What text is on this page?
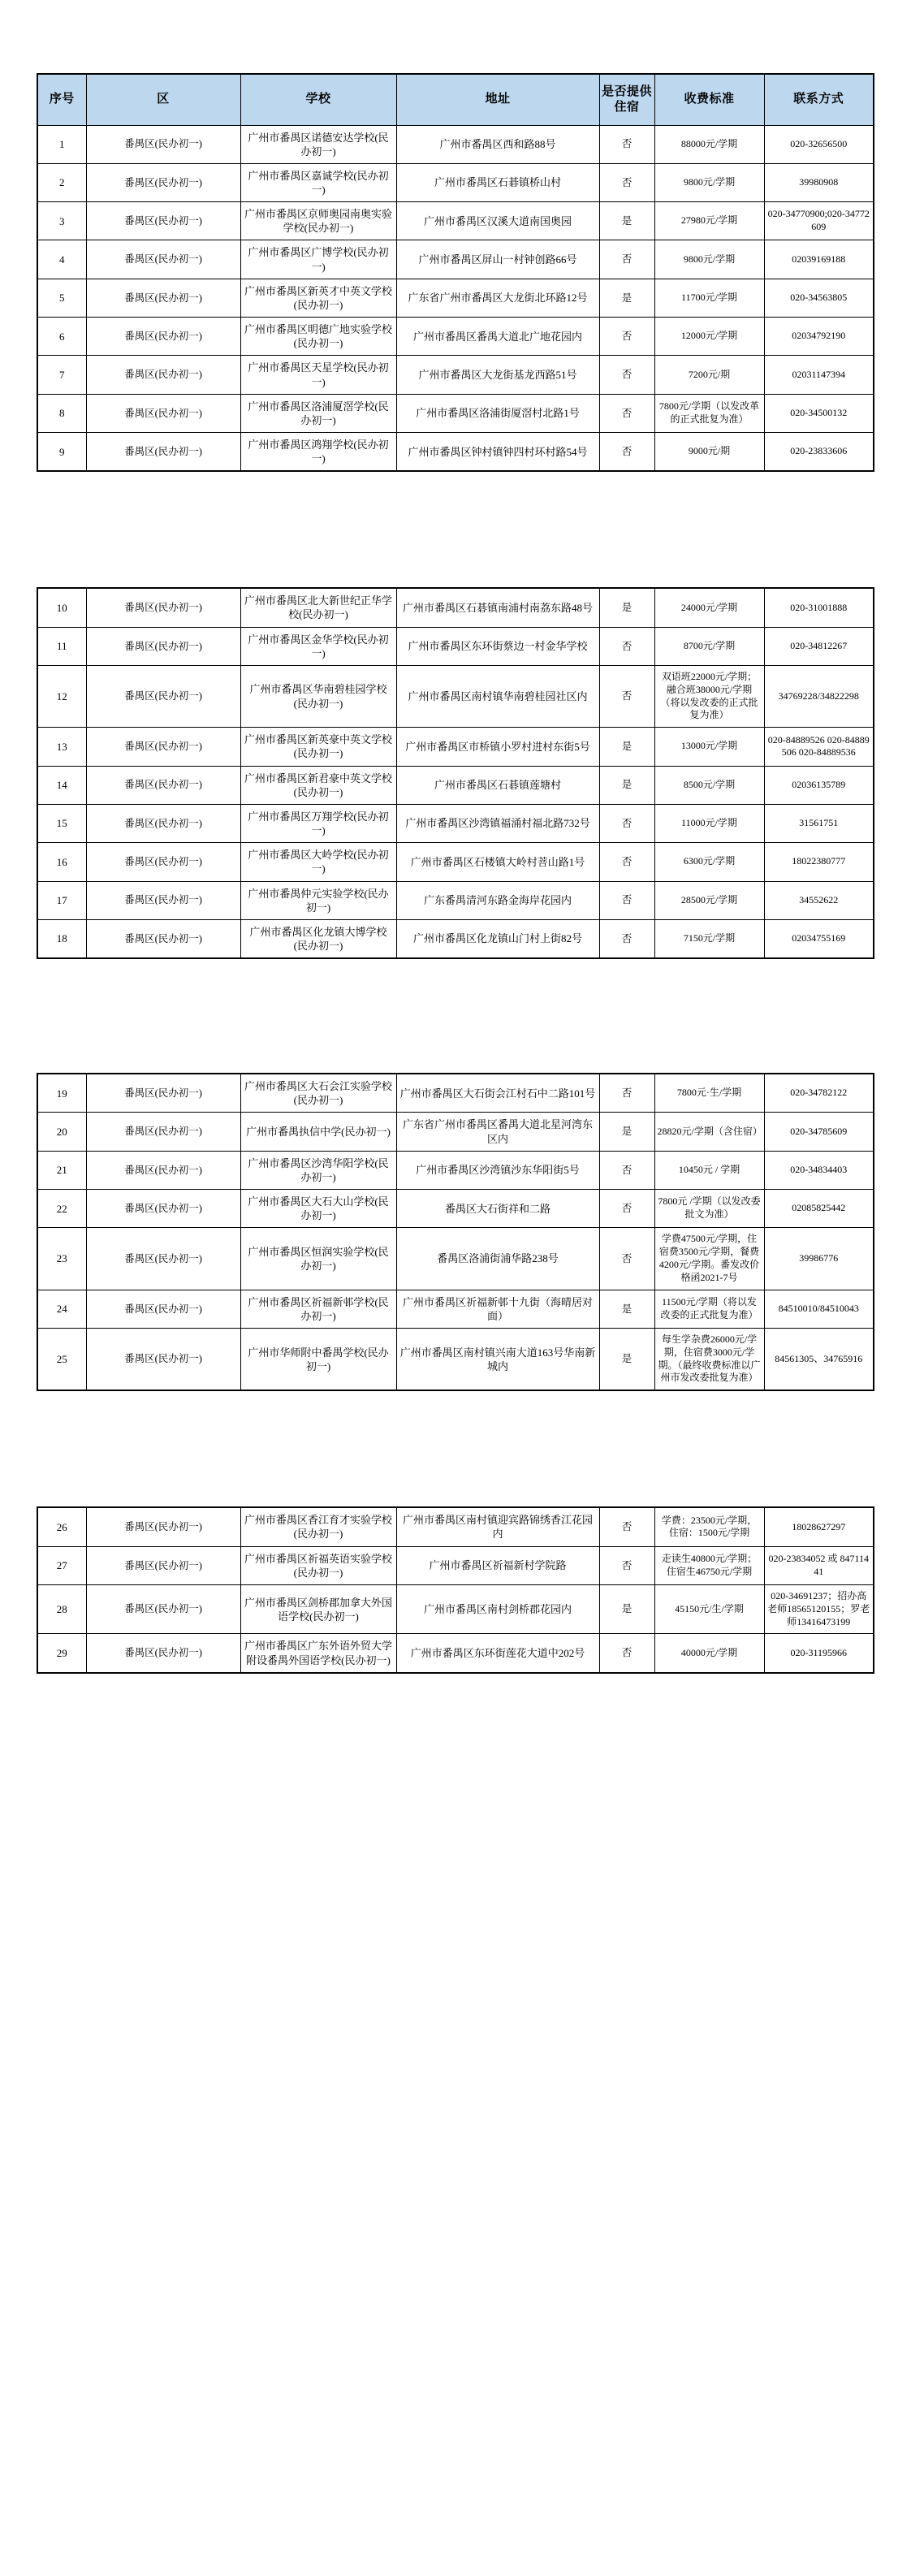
序号	区	学校	地址	是否提供住宿	收费标准	联系方式
1	番禺区(民办初一)	广州市番禺区诺德安达学校(民办初一)	广州市番禺区西和路88号	否	88000元/学期	020-32656500
2	番禺区(民办初一)	广州市番禺区嘉诚学校(民办初一)	广州市番禺区石碁镇桥山村	否	9800元/学期	39980908
3	番禺区(民办初一)	广州市番禺区京师奥园南奥实验学校(民办初一)	广州市番禺区汉溪大道南国奥园	是	27980元/学期	020-34770900;020-34772609
4	番禺区(民办初一)	广州市番禺区广博学校(民办初一)	广州市番禺区屏山一村钟创路66号	否	9800元/学期	02039169188
5	番禺区(民办初一)	广州市番禺区新英才中英文学校(民办初一)	广东省广州市番禺区大龙街北环路12号	是	11700元/学期	020-34563805
6	番禺区(民办初一)	广州市番禺区明德广地实验学校(民办初一)	广州市番禺区番禺大道北广地花园内	否	12000元/学期	02034792190
7	番禺区(民办初一)	广州市番禺区天星学校(民办初一)	广州市番禺区大龙街基龙西路51号	否	7200元/期	02031147394
8	番禺区(民办初一)	广州市番禺区洛浦厦滘学校(民办初一)	广州市番禺区洛浦街厦滘村北路1号	否	7800元/学期（以发改革的正式批复为准）	020-34500132
9	番禺区(民办初一)	广州市番禺区鸿翔学校(民办初一)	广州市番禺区钟村镇钟四村环村路54号	否	9000元/期	020-23833606
10	番禺区(民办初一)	广州市番禺区北大新世纪正华学校(民办初一)	广州市番禺区石碁镇南浦村南荔东路48号	是	24000元/学期	020-31001888
11	番禺区(民办初一)	广州市番禺区金华学校(民办初一)	广州市番禺区东环街蔡边一村金华学校	否	8700元/学期	020-34812267
12	番禺区(民办初一)	广州市番禺区华南碧桂园学校(民办初一)	广州市番禺区南村镇华南碧桂园社区内	否	双语班22000元/学期；融合班38000元/学期（将以发改委的正式批复为准）	34769228/34822298
13	番禺区(民办初一)	广州市番禺区新英豪中英文学校(民办初一)	广州市番禺区市桥镇小罗村进村东街5号	是	13000元/学期	020-84889526 020-84889506 020-84889536
14	番禺区(民办初一)	广州市番禺区新君豪中英文学校(民办初一)	广州市番禺区石碁镇莲塘村	是	8500元/学期	02036135789
15	番禺区(民办初一)	广州市番禺区万翔学校(民办初一)	广州市番禺区沙湾镇福涌村福北路732号	否	11000元/学期	31561751
16	番禺区(民办初一)	广州市番禺区大岭学校(民办初一)	广州市番禺区石楼镇大岭村菩山路1号	否	6300元/学期	18022380777
17	番禺区(民办初一)	广州市番禺仲元实验学校(民办初一)	广东番禺清河东路金海岸花园内	否	28500元/学期	34552622
18	番禺区(民办初一)	广州市番禺区化龙镇大博学校(民办初一)	广州市番禺区化龙镇山门村上街82号	否	7150元/学期	02034755169
19	番禺区(民办初一)	广州市番禺区大石会江实验学校(民办初一)	广州市番禺区大石街会江村石中二路101号	否	7800元·生/学期	020-34782122
20	番禺区(民办初一)	广州市番禺执信中学(民办初一)	广东省广州市番禺区番禺大道北星河湾东区内	是	28820元/学期（含住宿）	020-34785609
21	番禺区(民办初一)	广州市番禺区沙湾华阳学校(民办初一)	广州市番禺区沙湾镇沙东华阳街5号	否	10450元 / 学期	020-34834403
22	番禺区(民办初一)	广州市番禺区大石大山学校(民办初一)	番禺区大石街祥和二路	否	7800元 /学期（以发改委批文为准）	02085825442
23	番禺区(民办初一)	广州市番禺区恒润实验学校(民办初一)	番禺区洛浦街浦华路238号	否	学费47500元/学期，住宿费3500元/学期，餐费4200元/学期。番发改价格函2021-7号	39986776
24	番禺区(民办初一)	广州市番禺区祈福新邨学校(民办初一)	广州市番禺区祈福新邨十九街（海晴居对面）	是	11500元/学期（将以发改委的正式批复为准）	84510010/84510043
25	番禺区(民办初一)	广州市华师附中番禺学校(民办初一)	广州市番禺区南村镇兴南大道163号华南新城内	是	每生学杂费26000元/学期，住宿费3000元/学期。（最终收费标准以广州市发改委批复为准）	84561305、34765916
26	番禺区(民办初一)	广州市番禺区香江育才实验学校(民办初一)	广州市番禺区南村镇迎宾路锦绣香江花园内	否	学费：23500元/学期，住宿：1500元/学期	18028627297
27	番禺区(民办初一)	广州市番禺区祈福英语实验学校(民办初一)	广州市番禺区祈福新村学院路	否	走读生40800元/学期；住宿生46750元/学期	020-23834052 或 84711441
28	番禺区(民办初一)	广州市番禺区剑桥郡加拿大外国语学校(民办初一)	广州市番禺区南村剑桥郡花园内	是	45150元/生/学期	020-34691237；招办高老师18565120155；罗老师13416473199
29	番禺区(民办初一)	广州市番禺区广东外语外贸大学附设番禺外国语学校(民办初一)	广州市番禺区东环街莲花大道中202号	否	40000元/学期	020-31195966
